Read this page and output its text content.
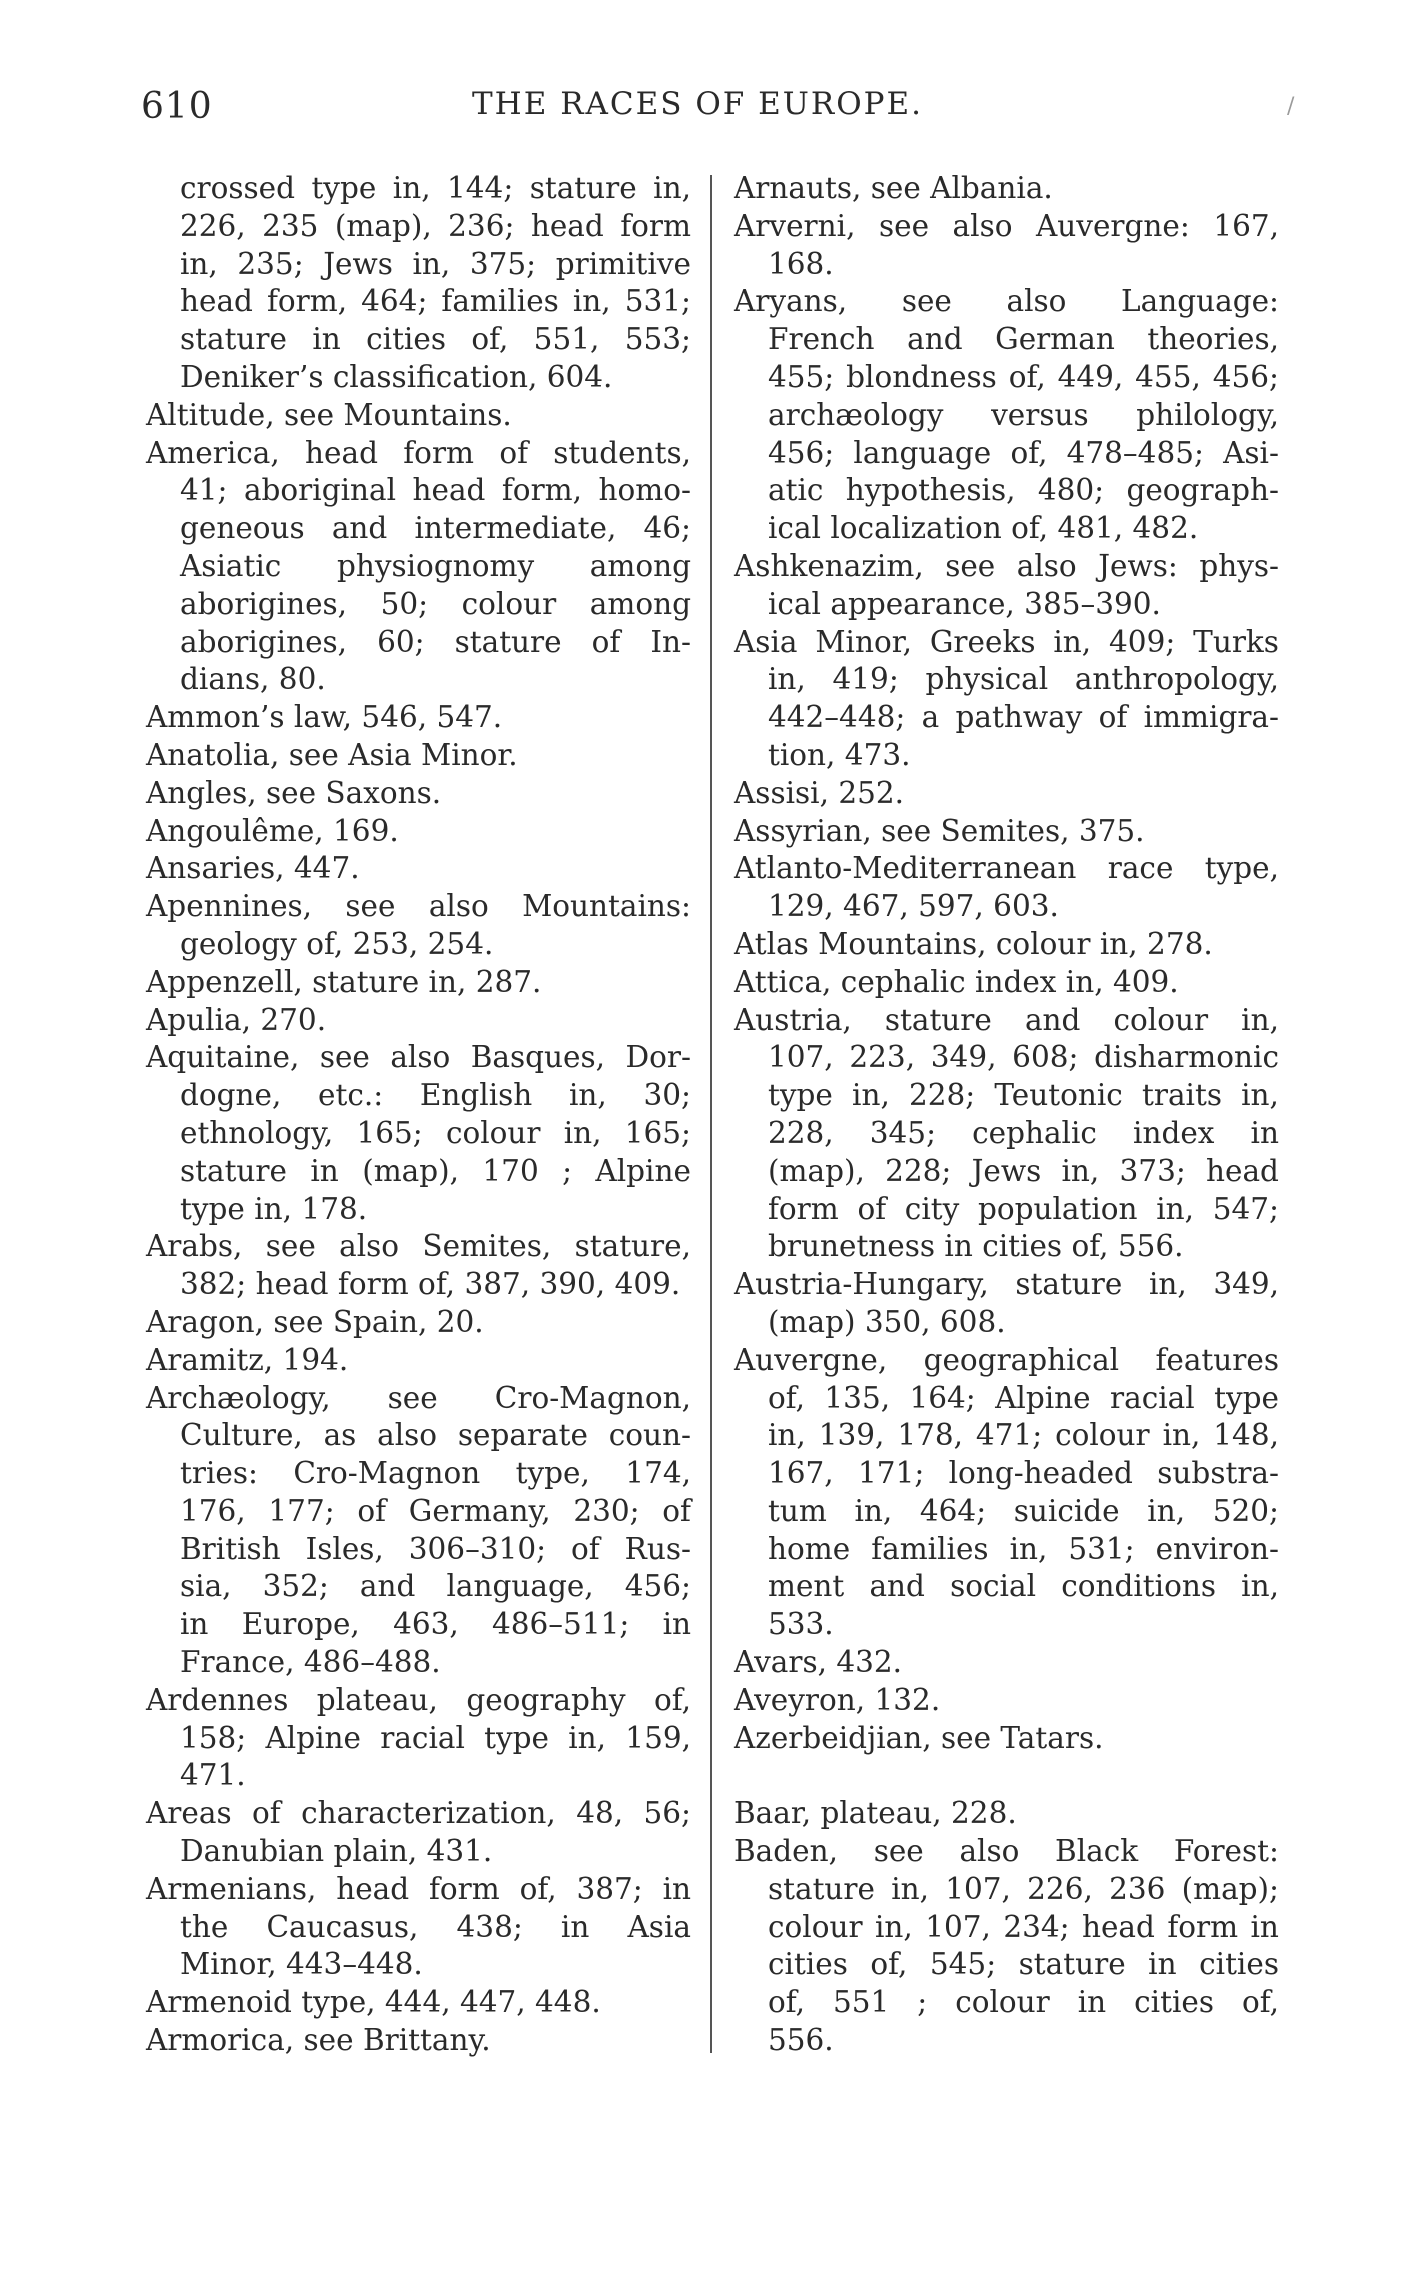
610	THE RACES OF EUROPE.	/
crossed type in, 144; stature in,
226, 235 (map), 236; head form
in, 235; Jews in, 375; primitive
head form, 464; families in, 531;
stature in cities of, 551, 553;
Deniker’s classification, 604.
Altitude, see Mountains.
America, head form of students,
41; aboriginal head form, homo-
geneous and intermediate, 46;
Asiatic physiognomy among
aborigines, 50; colour among
aborigines, 60; stature of In-
dians, 80.
Ammon’s law, 546, 547.
Anatolia, see Asia Minor.
Angles, see Saxons.
Angoulême, 169.
Ansaries, 447.
Apennines, see also Mountains:
geology of, 253, 254.
Appenzell, stature in, 287.
Apulia, 270.
Aquitaine, see also Basques, Dor-
dogne, etc.: English in, 30;
ethnology, 165; colour in, 165;
stature in (map), 170 ; Alpine
type in, 178.
Arabs, see also Semites, stature,
382; head form of, 387, 390, 409.
Aragon, see Spain, 20.
Aramitz, 194.
Archæology, see Cro-Magnon,
Culture, as also separate coun-
tries: Cro-Magnon type, 174,
176, 177; of Germany, 230; of
British Isles, 306–310; of Rus-
sia, 352; and language, 456;
in Europe, 463, 486–511; in
France, 486–488.
Ardennes plateau, geography of,
158; Alpine racial type in, 159,
471.
Areas of characterization, 48, 56;
Danubian plain, 431.
Armenians, head form of, 387; in
the Caucasus, 438; in Asia
Minor, 443–448.
Armenoid type, 444, 447, 448.
Armorica, see Brittany.
Arnauts, see Albania.
Arverni, see also Auvergne: 167,
168.
Aryans, see also Language:
French and German theories,
455; blondness of, 449, 455, 456;
archæology versus philology,
456; language of, 478–485; Asi-
atic hypothesis, 480; geograph-
ical localization of, 481, 482.
Ashkenazim, see also Jews: phys-
ical appearance, 385–390.
Asia Minor, Greeks in, 409; Turks
in, 419; physical anthropology,
442–448; a pathway of immigra-
tion, 473.
Assisi, 252.
Assyrian, see Semites, 375.
Atlanto-Mediterranean race type,
129, 467, 597, 603.
Atlas Mountains, colour in, 278.
Attica, cephalic index in, 409.
Austria, stature and colour in,
107, 223, 349, 608; disharmonic
type in, 228; Teutonic traits in,
228, 345; cephalic index in
(map), 228; Jews in, 373; head
form of city population in, 547;
brunetness in cities of, 556.
Austria-Hungary, stature in, 349,
(map) 350, 608.
Auvergne, geographical features
of, 135, 164; Alpine racial type
in, 139, 178, 471; colour in, 148,
167, 171; long-headed substra-
tum in, 464; suicide in, 520;
home families in, 531; environ-
ment and social conditions in,
533.
Avars, 432.
Aveyron, 132.
Azerbeidjian, see Tatars.
Baar, plateau, 228.
Baden, see also Black Forest:
stature in, 107, 226, 236 (map);
colour in, 107, 234; head form in
cities of, 545; stature in cities
of, 551 ; colour in cities of,
556.
